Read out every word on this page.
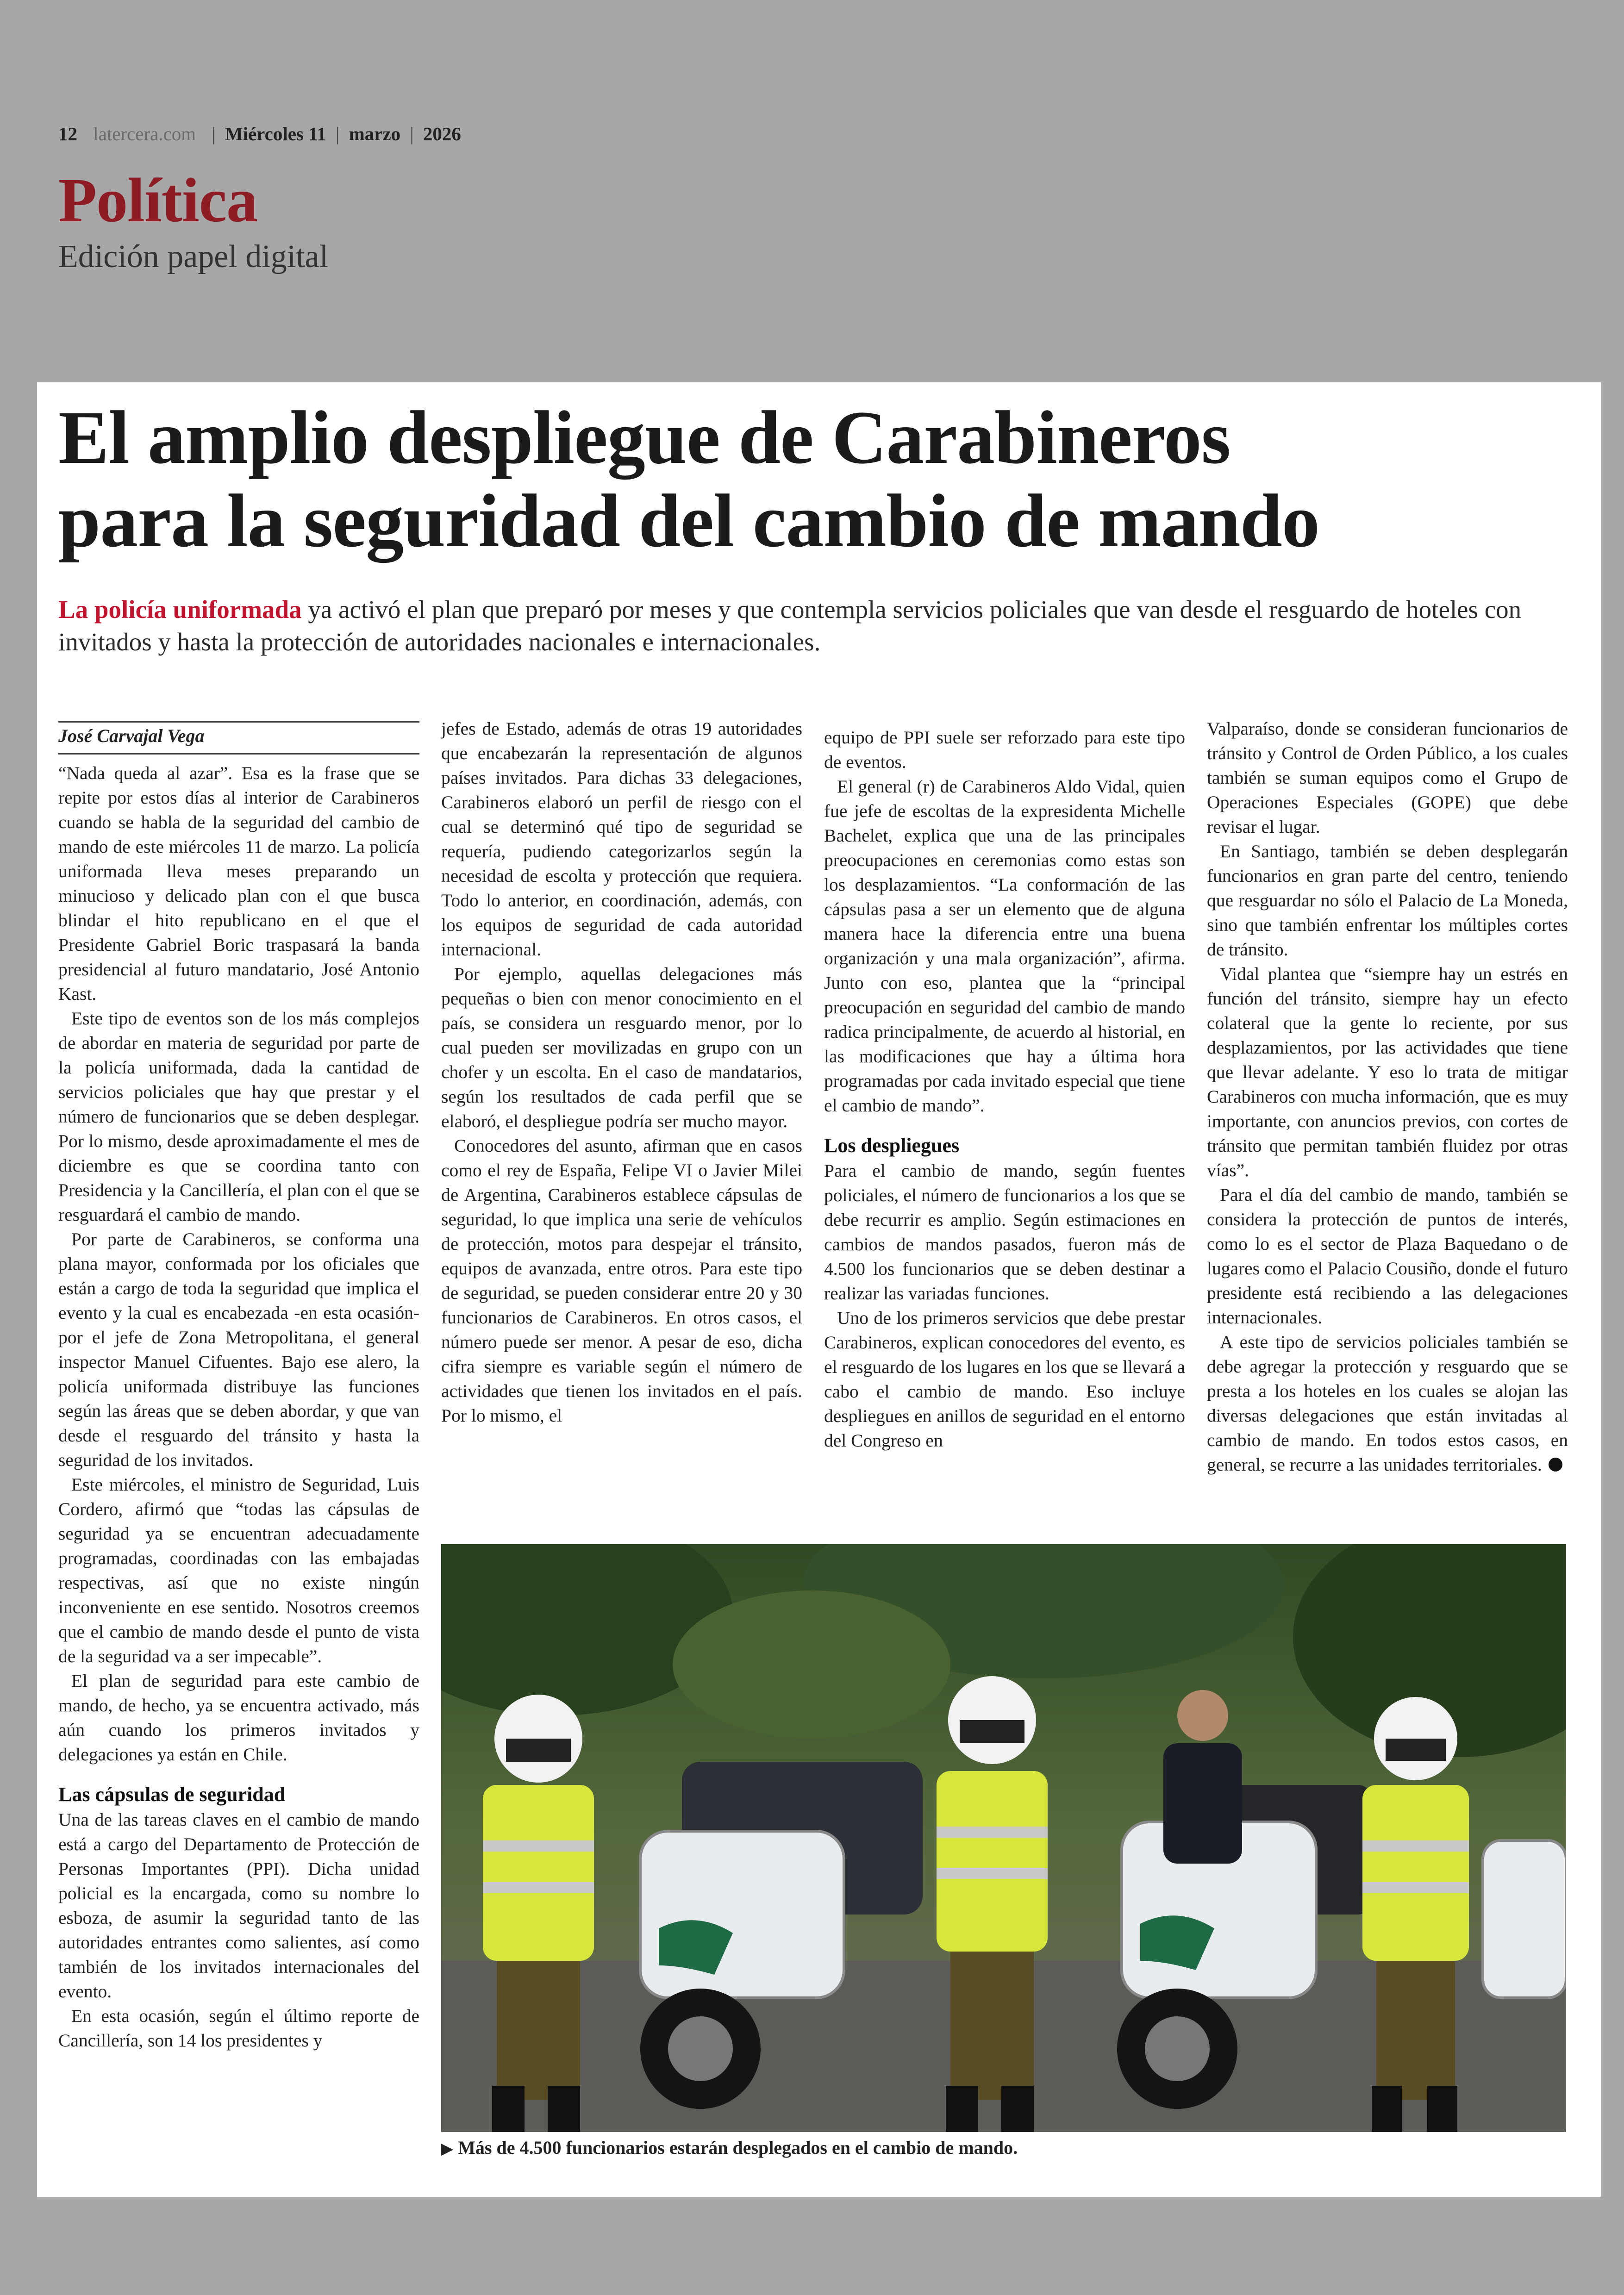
12 latercera.com | Miércoles 11 | marzo | 2026
Política
Edición papel digital
El amplio despliegue de Carabineros
para la seguridad del cambio de mando
La policía uniformada ya activó el plan que preparó por meses y que contempla servicios policiales que van desde el resguardo de hoteles con invitados y hasta la protección de autoridades nacionales e internacionales.
José Carvajal Vega

“Nada queda al azar”. Esa es la frase que se repite por estos días al interior de Carabineros cuando se habla de la seguridad del cambio de mando de este miércoles 11 de marzo. La policía uniformada lleva meses preparando un minucioso y delicado plan con el que busca blindar el hito republicano en el que el Presidente Gabriel Boric traspasará la banda presidencial al futuro mandatario, José Antonio Kast.

Este tipo de eventos son de los más complejos de abordar en materia de seguridad por parte de la policía uniformada, dada la cantidad de servicios policiales que hay que prestar y el número de funcionarios que se deben desplegar. Por lo mismo, desde aproximadamente el mes de diciembre es que se coordina tanto con Presidencia y la Cancillería, el plan con el que se resguardará el cambio de mando.

Por parte de Carabineros, se conforma una plana mayor, conformada por los oficiales que están a cargo de toda la seguridad que implica el evento y la cual es encabezada -en esta ocasión- por el jefe de Zona Metropolitana, el general inspector Manuel Cifuentes. Bajo ese alero, la policía uniformada distribuye las funciones según las áreas que se deben abordar, y que van desde el resguardo del tránsito y hasta la seguridad de los invitados.

Este miércoles, el ministro de Seguridad, Luis Cordero, afirmó que “todas las cápsulas de seguridad ya se encuentran adecuadamente programadas, coordinadas con las embajadas respectivas, así que no existe ningún inconveniente en ese sentido. Nosotros creemos que el cambio de mando desde el punto de vista de la seguridad va a ser impecable”.

El plan de seguridad para este cambio de mando, de hecho, ya se encuentra activado, más aún cuando los primeros invitados y delegaciones ya están en Chile.

Las cápsulas de seguridad

Una de las tareas claves en el cambio de mando está a cargo del Departamento de Protección de Personas Importantes (PPI). Dicha unidad policial es la encargada, como su nombre lo esboza, de asumir la seguridad tanto de las autoridades entrantes como salientes, así como también de los invitados internacionales del evento.

En esta ocasión, según el último reporte de Cancillería, son 14 los presidentes y

jefes de Estado, además de otras 19 autoridades que encabezarán la representación de algunos países invitados. Para dichas 33 delegaciones, Carabineros elaboró un perfil de riesgo con el cual se determinó qué tipo de seguridad se requería, pudiendo categorizarlos según la necesidad de escolta y protección que requiera. Todo lo anterior, en coordinación, además, con los equipos de seguridad de cada autoridad internacional.

Por ejemplo, aquellas delegaciones más pequeñas o bien con menor conocimiento en el país, se considera un resguardo menor, por lo cual pueden ser movilizadas en grupo con un chofer y un escolta. En el caso de mandatarios, según los resultados de cada perfil que se elaboró, el despliegue podría ser mucho mayor.

Conocedores del asunto, afirman que en casos como el rey de España, Felipe VI o Javier Milei de Argentina, Carabineros establece cápsulas de seguridad, lo que implica una serie de vehículos de protección, motos para despejar el tránsito, equipos de avanzada, entre otros. Para este tipo de seguridad, se pueden considerar entre 20 y 30 funcionarios de Carabineros. En otros casos, el número puede ser menor. A pesar de eso, dicha cifra siempre es variable según el número de actividades que tienen los invitados en el país. Por lo mismo, el

equipo de PPI suele ser reforzado para este tipo de eventos.

El general (r) de Carabineros Aldo Vidal, quien fue jefe de escoltas de la expresidenta Michelle Bachelet, explica que una de las principales preocupaciones en ceremonias como estas son los desplazamientos. “La conformación de las cápsulas pasa a ser un elemento que de alguna manera hace la diferencia entre una buena organización y una mala organización”, afirma. Junto con eso, plantea que la “principal preocupación en seguridad del cambio de mando radica principalmente, de acuerdo al historial, en las modificaciones que hay a última hora programadas por cada invitado especial que tiene el cambio de mando”.

Los despliegues

Para el cambio de mando, según fuentes policiales, el número de funcionarios a los que se debe recurrir es amplio. Según estimaciones en cambios de mandos pasados, fueron más de 4.500 los funcionarios que se deben destinar a realizar las variadas funciones.

Uno de los primeros servicios que debe prestar Carabineros, explican conocedores del evento, es el resguardo de los lugares en los que se llevará a cabo el cambio de mando. Eso incluye despliegues en anillos de seguridad en el entorno del Congreso en

Valparaíso, donde se consideran funcionarios de tránsito y Control de Orden Público, a los cuales también se suman equipos como el Grupo de Operaciones Especiales (GOPE) que debe revisar el lugar.

En Santiago, también se deben desplegarán funcionarios en gran parte del centro, teniendo que resguardar no sólo el Palacio de La Moneda, sino que también enfrentar los múltiples cortes de tránsito.

Vidal plantea que “siempre hay un estrés en función del tránsito, siempre hay un efecto colateral que la gente lo reciente, por sus desplazamientos, por las actividades que tiene que llevar adelante. Y eso lo trata de mitigar Carabineros con mucha información, que es muy importante, con anuncios previos, con cortes de tránsito que permitan también fluidez por otras vías”.

Para el día del cambio de mando, también se considera la protección de puntos de interés, como lo es el sector de Plaza Baquedano o de lugares como el Palacio Cousiño, donde el futuro presidente está recibiendo a las delegaciones internacionales.

A este tipo de servicios policiales también se debe agregar la protección y resguardo que se presta a los hoteles en los cuales se alojan las diversas delegaciones que están invitadas al cambio de mando. En todos estos casos, en general, se recurre a las unidades territoriales.

▶ Más de 4.500 funcionarios estarán desplegados en el cambio de mando.
